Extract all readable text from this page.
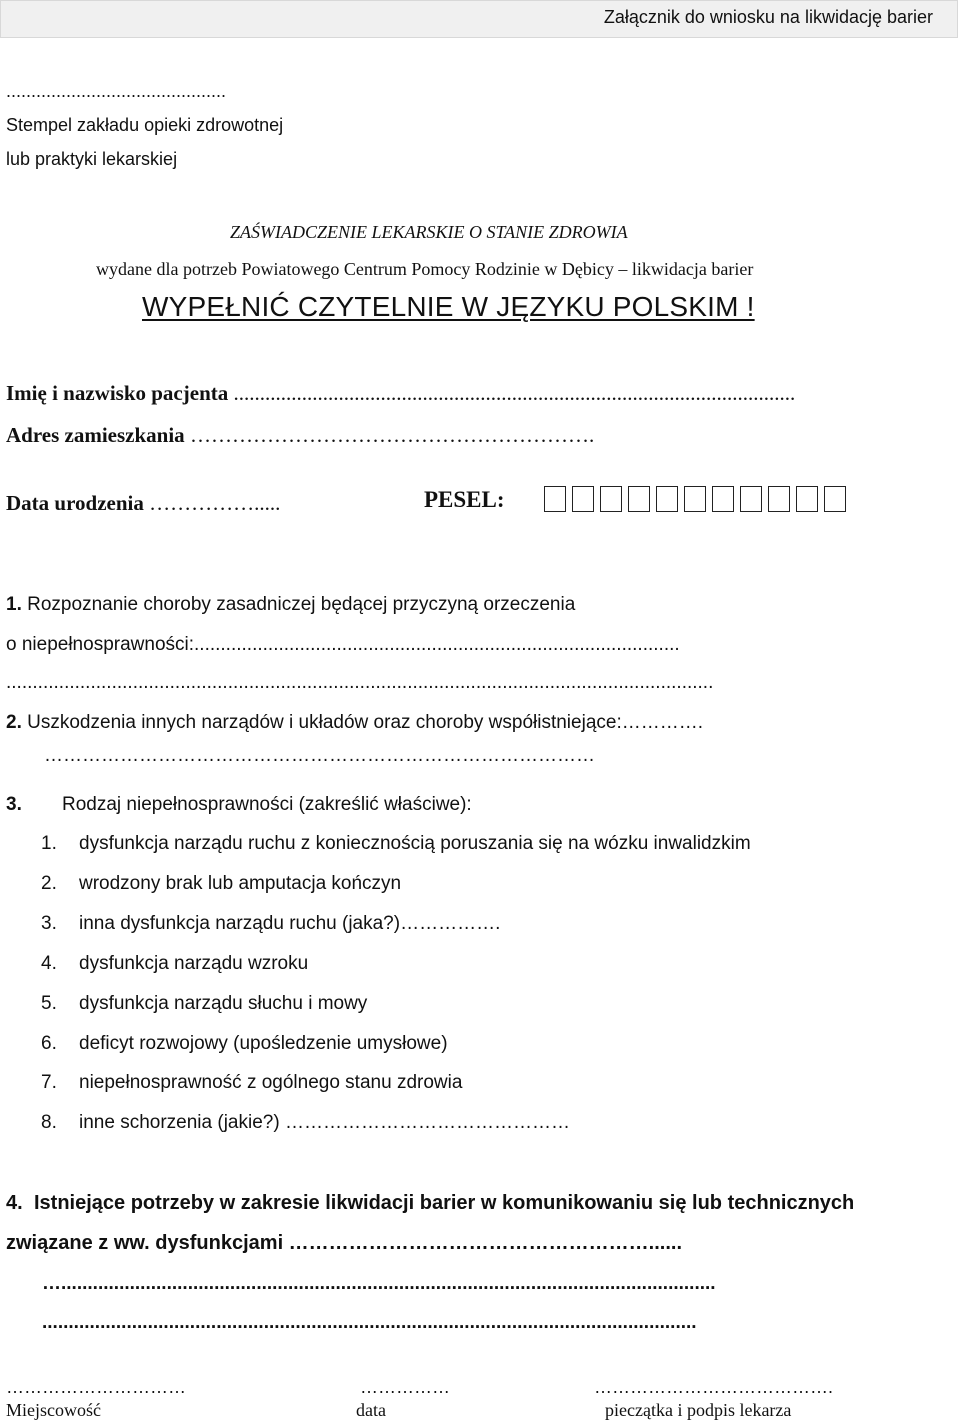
Załącznik do wniosku na likwidację barier
............................................
Stempel zakładu opieki zdrowotnej
lub praktyki lekarskiej
ZAŚWIADCZENIE LEKARSKIE O STANIE ZDROWIA
wydane dla potrzeb Powiatowego Centrum Pomocy Rodzinie w Dębicy – likwidacja barier
WYPEŁNIĆ CZYTELNIE W JĘZYKU POLSKIM !
Imię i nazwisko pacjenta ...........................................................................................................
Adres zamieszkania ………………………………………………….
Data urodzenia …………….....	PESEL:
1. Rozpoznanie choroby zasadniczej będącej przyczyną orzeczenia
o niepełnosprawności:............................................................................................
......................................................................................................................................
2. Uszkodzenia innych narządów i układów oraz choroby współistniejące:………….
……………………………………………………………………………
3. Rodzaj niepełnosprawności (zakreślić właściwe):
1. dysfunkcja narządu ruchu z koniecznością poruszania się na wózku inwalidzkim
2. wrodzony brak lub amputacja kończyn
3. inna dysfunkcja narządu ruchu (jaka?)…………….
4. dysfunkcja narządu wzroku
5. dysfunkcja narządu słuchu i mowy
6. deficyt rozwojowy (upośledzenie umysłowe)
7. niepełnosprawność z ogólnego stanu zdrowia
8. inne schorzenia (jakie?) ………………………………………
4. Istniejące potrzeby w zakresie likwidacji barier w komunikowaniu się lub technicznych
związane z ww. dysfunkcjami ………………………………………………......
…............................................................................................................................
............................................................................................................................
…………………………	……………	………………………………….
Miejscowość	data	pieczątka i podpis lekarza
